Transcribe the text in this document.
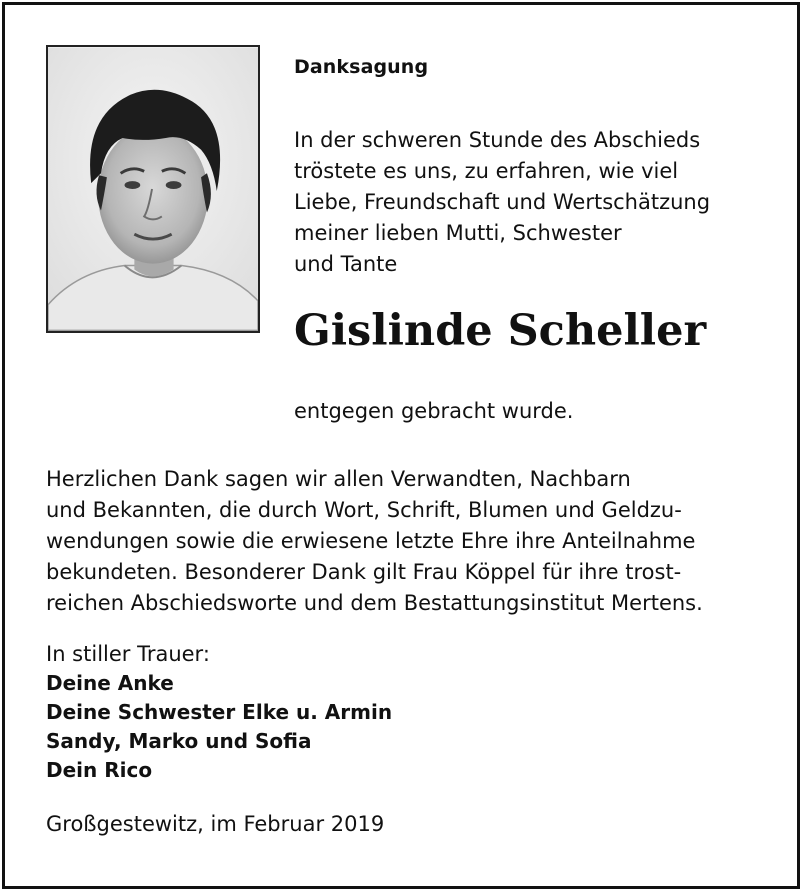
Danksagung
In der schweren Stunde des Abschieds
tröstete es uns, zu erfahren, wie viel
Liebe, Freundschaft und Wertschätzung
meiner lieben Mutti, Schwester
und Tante
Gislinde Scheller
entgegen gebracht wurde.
Herzlichen Dank sagen wir allen Verwandten, Nachbarn
und Bekannten, die durch Wort, Schrift, Blumen und Geldzu-
wendungen sowie die erwiesene letzte Ehre ihre Anteilnahme
bekundeten. Besonderer Dank gilt Frau Köppel für ihre trost-
reichen Abschiedsworte und dem Bestattungsinstitut Mertens.
In stiller Trauer:
Deine Anke
Deine Schwester Elke u. Armin
Sandy, Marko und Sofia
Dein Rico
Großgestewitz, im Februar 2019
